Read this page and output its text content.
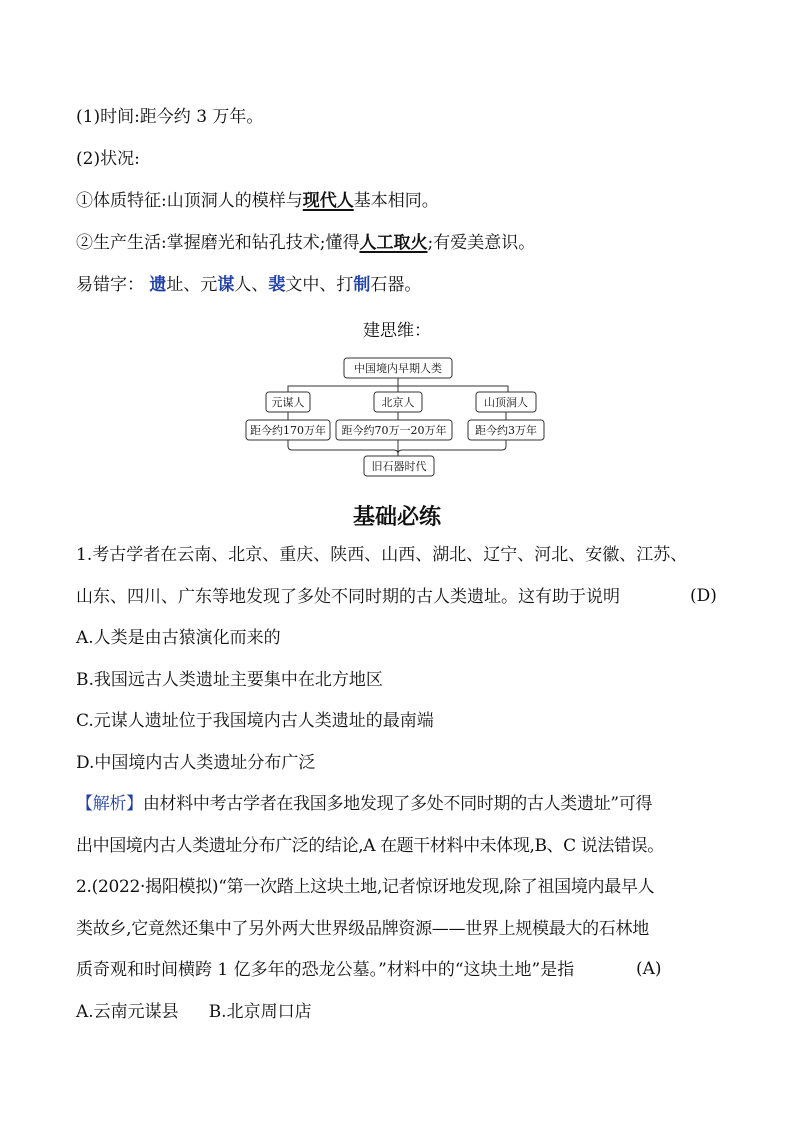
(1)时间:距今约 3 万年。
(2)状况:
①体质特征:山顶洞人的模样与现代人基本相同。
②生产生活:掌握磨光和钻孔技术;懂得人工取火;有爱美意识。
易错字： 遗址、元谋人、裴文中、打制石器。
建思维：
中国境内早期人类
元谋人	北京人	山顶洞人
距今约170万年 距今约70万一20万年	距今约3万年
旧石器时代
基础必练
1.考古学者在云南、北京、重庆、陕西、山西、湖北、辽宁、河北、安徽、江苏、
山东、四川、广东等地发现了多处不同时期的古人类遗址。这有助于说明	(D)
A.人类是由古猿演化而来的
B.我国远古人类遗址主要集中在北方地区
C.元谋人遗址位于我国境内古人类遗址的最南端
D.中国境内古人类遗址分布广泛
【解析】由材料中考古学者在我国多地发现了多处不同时期的古人类遗址”可得
出中国境内古人类遗址分布广泛的结论,A 在题干材料中未体现,B、C 说法错误。
2.(2022·揭阳模拟)“第一次踏上这块土地,记者惊讶地发现,除了祖国境内最早人
类故乡,它竟然还集中了另外两大世界级品牌资源——世界上规模最大的石林地
质奇观和时间横跨 1 亿多年的恐龙公墓。”材料中的“这块土地”是指	(A)
A.云南元谋县 B.北京周口店
